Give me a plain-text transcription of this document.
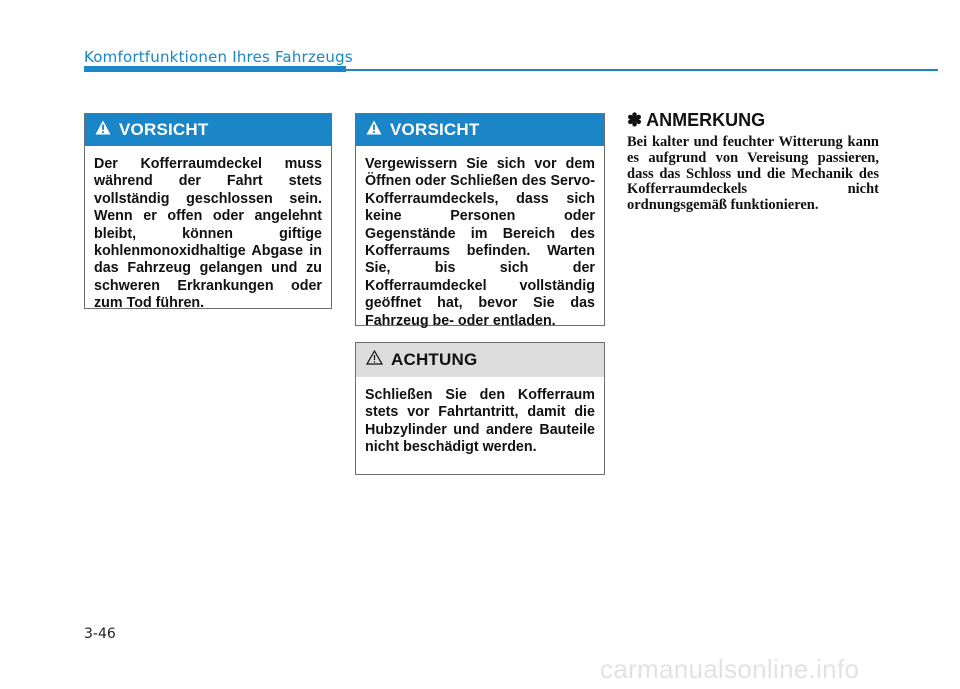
Komfortfunktionen Ihres Fahrzeugs
VORSICHT
Der Kofferraumdeckel muss während der Fahrt stets vollständig geschlossen sein. Wenn er offen oder angelehnt bleibt, können giftige kohlenmonoxidhaltige Abgase in das Fahrzeug gelangen und zu schweren Erkrankungen oder zum Tod führen.
VORSICHT
Vergewissern Sie sich vor dem Öffnen oder Schließen des Servo-Kofferraumdeckels, dass sich keine Personen oder Gegenstände im Bereich des Kofferraums befinden. Warten Sie, bis sich der Kofferraumdeckel vollständig geöffnet hat, bevor Sie das Fahrzeug be- oder entladen.
ACHTUNG
Schließen Sie den Kofferraum stets vor Fahrtantritt, damit die Hubzylinder und andere Bauteile nicht beschädigt werden.
✽ ANMERKUNG
Bei kalter und feuchter Witterung kann es aufgrund von Vereisung passieren, dass das Schloss und die Mechanik des Kofferraumdeckels nicht ordnungsgemäß funktionieren.
3-46
carmanualsonline.info
